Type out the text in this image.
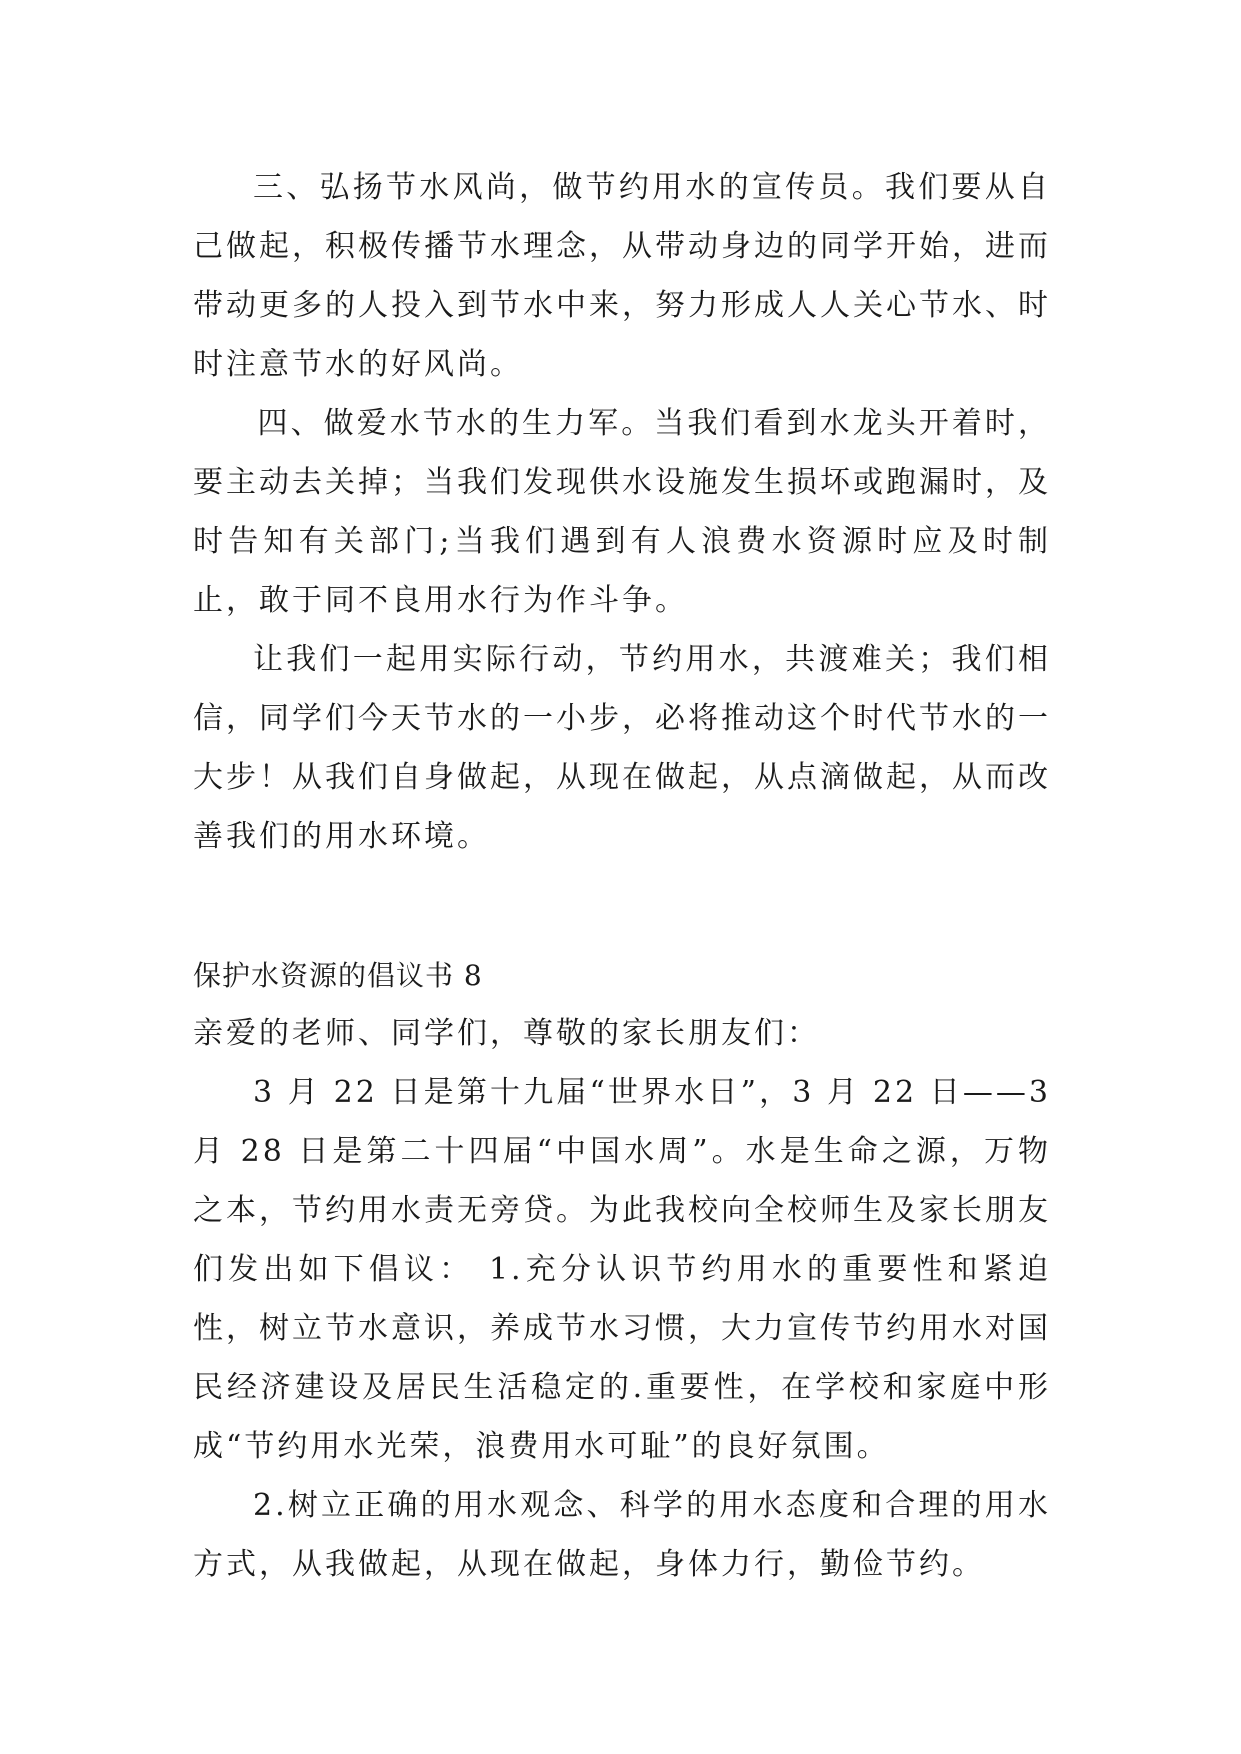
三、弘扬节水风尚，做节约用水的宣传员。我们要从自己做起，积极传播节水理念，从带动身边的同学开始，进而带动更多的人投入到节水中来，努力形成人人关心节水、时时注意节水的好风尚。

四、做爱水节水的生力军。当我们看到水龙头开着时，要主动去关掉；当我们发现供水设施发生损坏或跑漏时，及时告知有关部门;当我们遇到有人浪费水资源时应及时制止，敢于同不良用水行为作斗争。

让我们一起用实际行动，节约用水，共渡难关；我们相信，同学们今天节水的一小步，必将推动这个时代节水的一大步！从我们自身做起，从现在做起，从点滴做起，从而改善我们的用水环境。

保护水资源的倡议书 8

亲爱的老师、同学们，尊敬的家长朋友们：

3 月 22 日是第十九届“世界水日”，3 月 22 日——3 月 28 日是第二十四届“中国水周”。水是生命之源，万物之本，节约用水责无旁贷。为此我校向全校师生及家长朋友们发出如下倡议： 1.充分认识节约用水的重要性和紧迫性，树立节水意识，养成节水习惯，大力宣传节约用水对国民经济建设及居民生活稳定的.重要性，在学校和家庭中形成“节约用水光荣，浪费用水可耻”的良好氛围。

2.树立正确的用水观念、科学的用水态度和合理的用水方式，从我做起，从现在做起，身体力行，勤俭节约。
